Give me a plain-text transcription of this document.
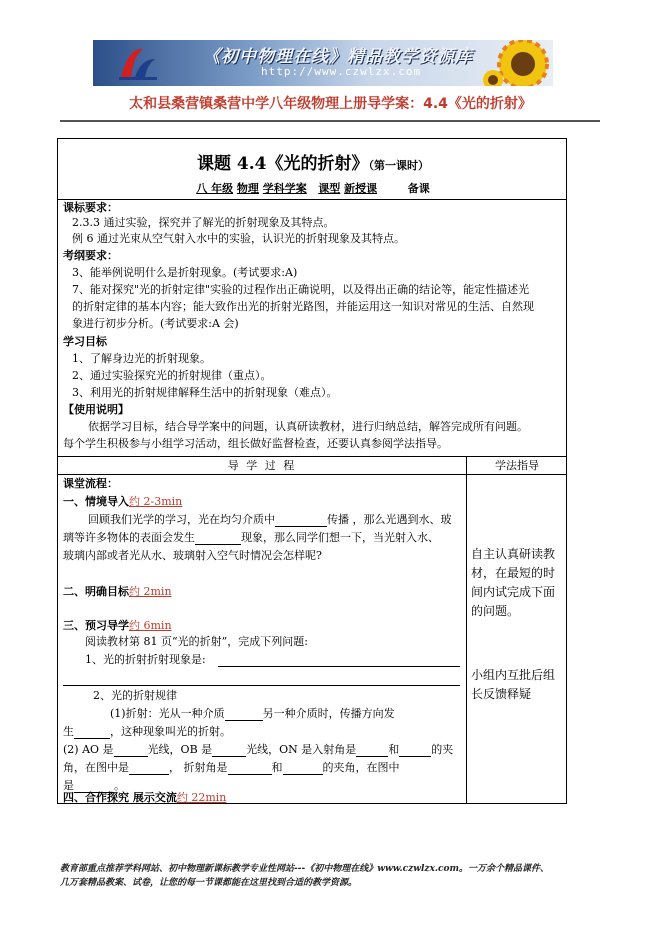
《初中物理在线》精品教学资源库
http://www.czwlzx.com
太和县桑营镇桑营中学八年级物理上册导学案：4.4《光的折射》
课题 4.4《光的折射》（第一课时）
八 年级 物理 学科学案 课型 新授课	备课
课标要求：
2.3.3 通过实验，探究并了解光的折射现象及其特点。
例 6 通过光束从空气射入水中的实验，认识光的折射现象及其特点。
考纲要求：
3、能举例说明什么是折射现象。(考试要求:A)
7、能对探究"光的折射定律"实验的过程作出正确说明，以及得出正确的结论等，能定性描述光
的折射定律的基本内容；能大致作出光的折射光路图，并能运用这一知识对常见的生活、自然现
象进行初步分析。(考试要求:A 会)
学习目标
1、了解身边光的折射现象。
2、通过实验探究光的折射规律（重点）。
3、利用光的折射规律解释生活中的折射现象（难点）。
【使用说明】
依据学习目标，结合导学案中的问题，认真研读教材，进行归纳总结，解答完成所有问题。
每个学生积极参与小组学习活动，组长做好监督检查，还要认真参阅学法指导。
导 学 过 程	学法指导
课堂流程：
一、情境导入约 2-3min
回顾我们光学的学习，光在均匀介质中	传播 ，那么光遇到水、玻
璃等许多物体的表面会发生	现象，那么同学们想一下，当光射入水、
玻璃内部或者光从水、玻璃射入空气时情况会怎样呢?
二、明确目标约 2min
三、预习导学约 6min
阅读教材第 81 页“光的折射”，完成下列问题:
1、光的折射折射现象是:
2、光的折射规律
(1)折射：光从一种介质	另一种介质时，传播方向发
生	，这种现象叫光的折射。
(2) AO 是	光线，OB 是	光线，ON 是入射角是	和	的夹
角，在图中是	， 折射角是	和	的夹角，在图中
是	。
四、合作探究 展示交流约 22min
自主认真研读教材，在最短的时间内试完成下面的问题。
小组内互批后组长反馈释疑
教育部重点推荐学科网站、初中物理新课标教学专业性网站---《初中物理在线》www.czwlzx.com。一万余个精品课件、
几万套精品教案、试卷，让您的每一节课都能在这里找到合适的教学资源。
